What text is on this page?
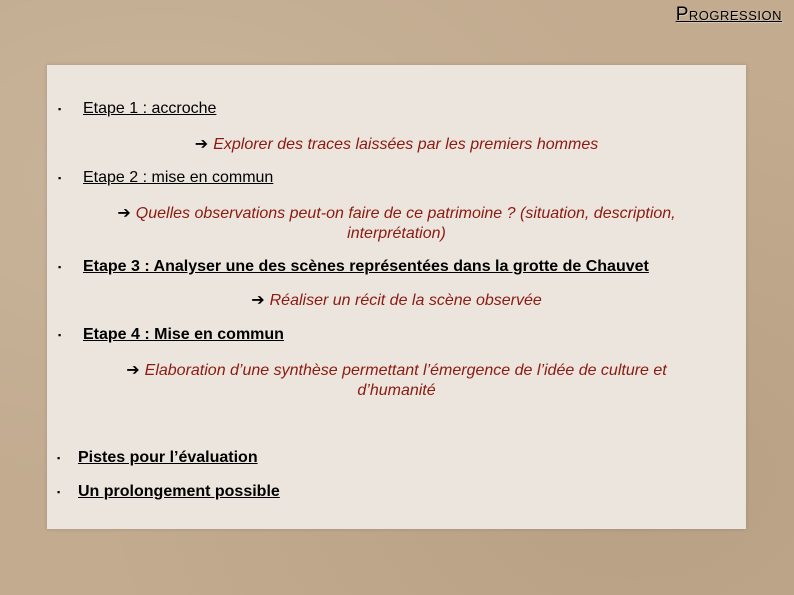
Progression
▪ Etape 1 : accroche
➔ Explorer des traces laissées par les premiers hommes
▪ Etape 2 : mise en commun
➔ Quelles observations peut-on faire de ce patrimoine ? (situation, description,
interprétation)
▪ Etape 3 : Analyser une des scènes représentées dans la grotte de Chauvet
➔ Réaliser un récit de la scène observée
▪ Etape 4 : Mise en commun
➔ Elaboration d’une synthèse permettant l’émergence de l’idée de culture et
d’humanité
▪ Pistes pour l’évaluation
▪ Un prolongement possible
